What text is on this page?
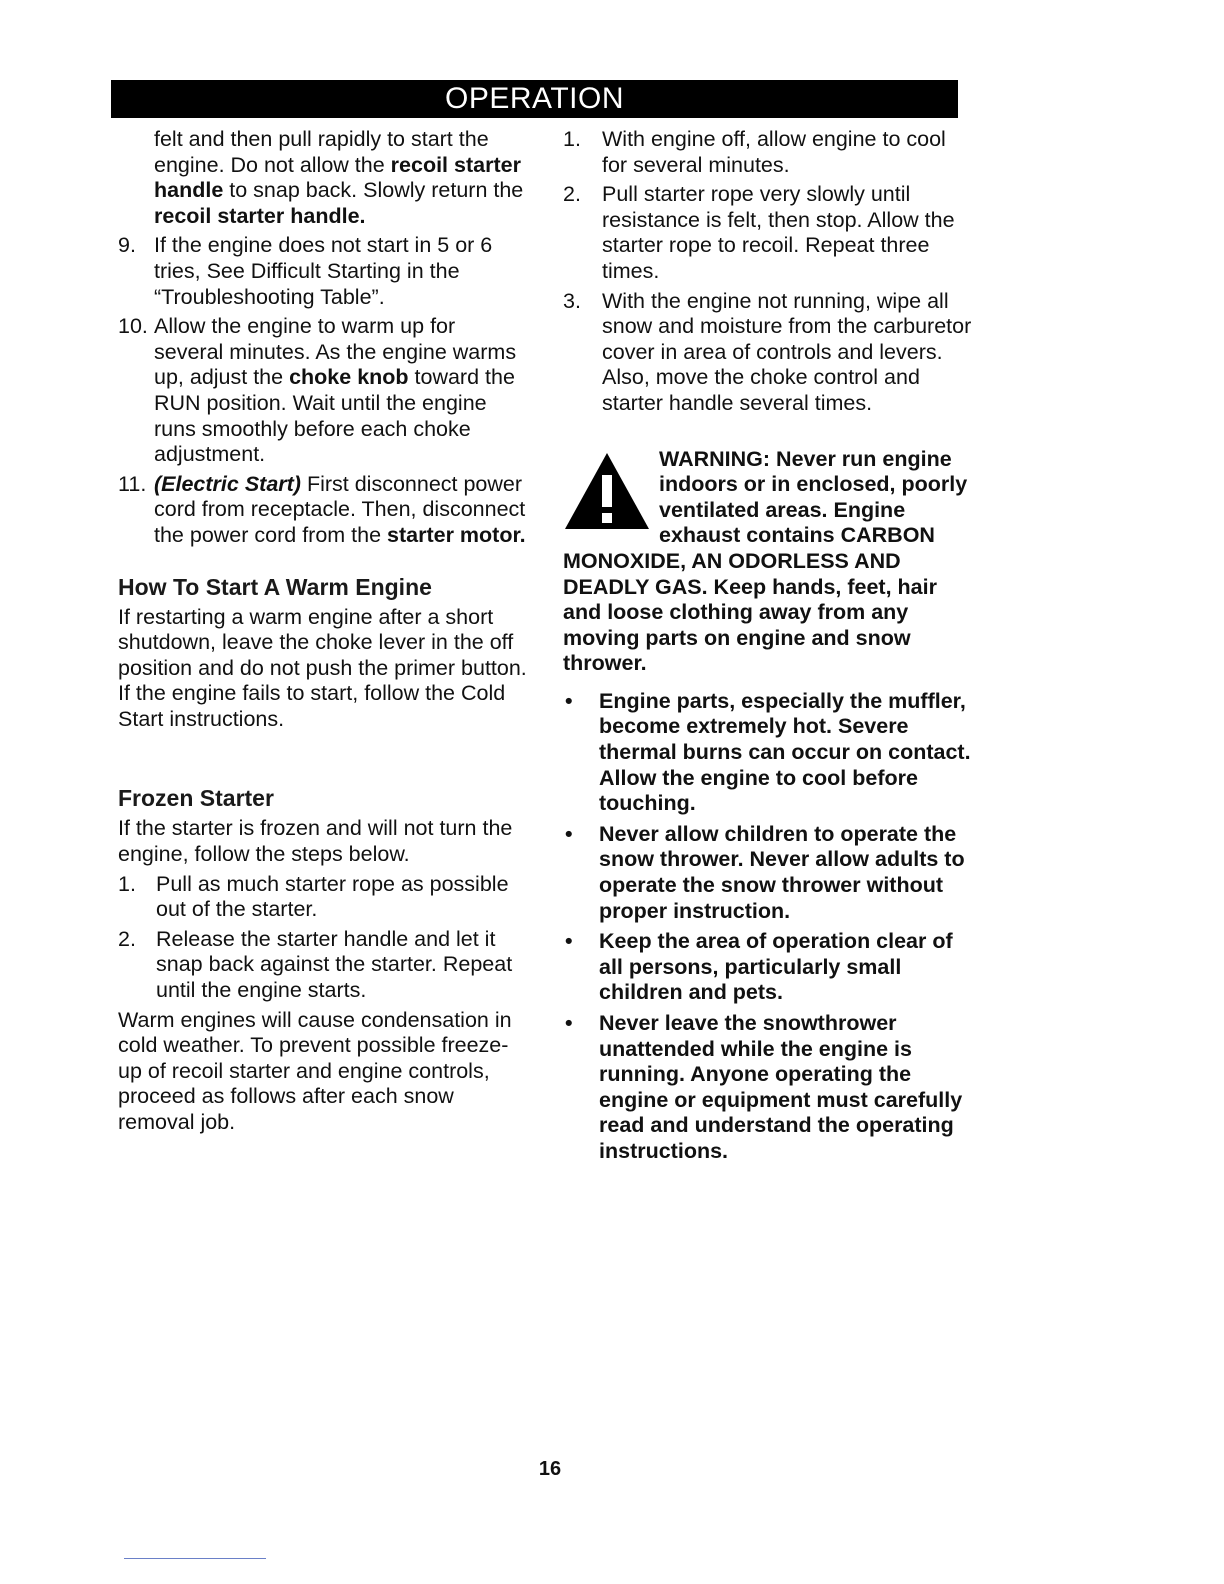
OPERATION

felt and then pull rapidly to start the engine. Do not allow the recoil starter handle to snap back. Slowly return the recoil starter handle.

9. If the engine does not start in 5 or 6 tries, See Difficult Starting in the “Troubleshooting Table”.
10. Allow the engine to warm up for several minutes. As the engine warms up, adjust the choke knob toward the RUN position. Wait until the engine runs smoothly before each choke adjustment.
11. (Electric Start) First disconnect power cord from receptacle. Then, disconnect the power cord from the starter motor.
How To Start A Warm Engine

If restarting a warm engine after a short shutdown, leave the choke lever in the off position and do not push the primer button. If the engine fails to start, follow the Cold Start instructions.

Frozen Starter

If the starter is frozen and will not turn the engine, follow the steps below.

1. Pull as much starter rope as possible out of the starter.
2. Release the starter handle and let it snap back against the starter. Repeat until the engine starts.

Warm engines will cause condensation in cold weather. To prevent possible freeze-up of recoil starter and engine controls, proceed as follows after each snow removal job.

1. With engine off, allow engine to cool for several minutes.
2. Pull starter rope very slowly until resistance is felt, then stop. Allow the starter rope to recoil. Repeat three times.
3. With the engine not running, wipe all snow and moisture from the carburetor cover in area of controls and levers. Also, move the choke control and starter handle several times.
WARNING: Never run engine indoors or in enclosed, poorly ventilated areas. Engine exhaust contains CARBON MONOXIDE, AN ODORLESS AND DEADLY GAS. Keep hands, feet, hair and loose clothing away from any moving parts on engine and snow thrower.
•	Engine parts, especially the muffler, become extremely hot. Severe thermal burns can occur on contact. Allow the engine to cool before touching.
•	Never allow children to operate the snow thrower. Never allow adults to operate the snow thrower without proper instruction.
•	Keep the area of operation clear of all persons, particularly small children and pets.
•	Never leave the snowthrower unattended while the engine is running. Anyone operating the engine or equipment must carefully read and understand the operating instructions.
16
